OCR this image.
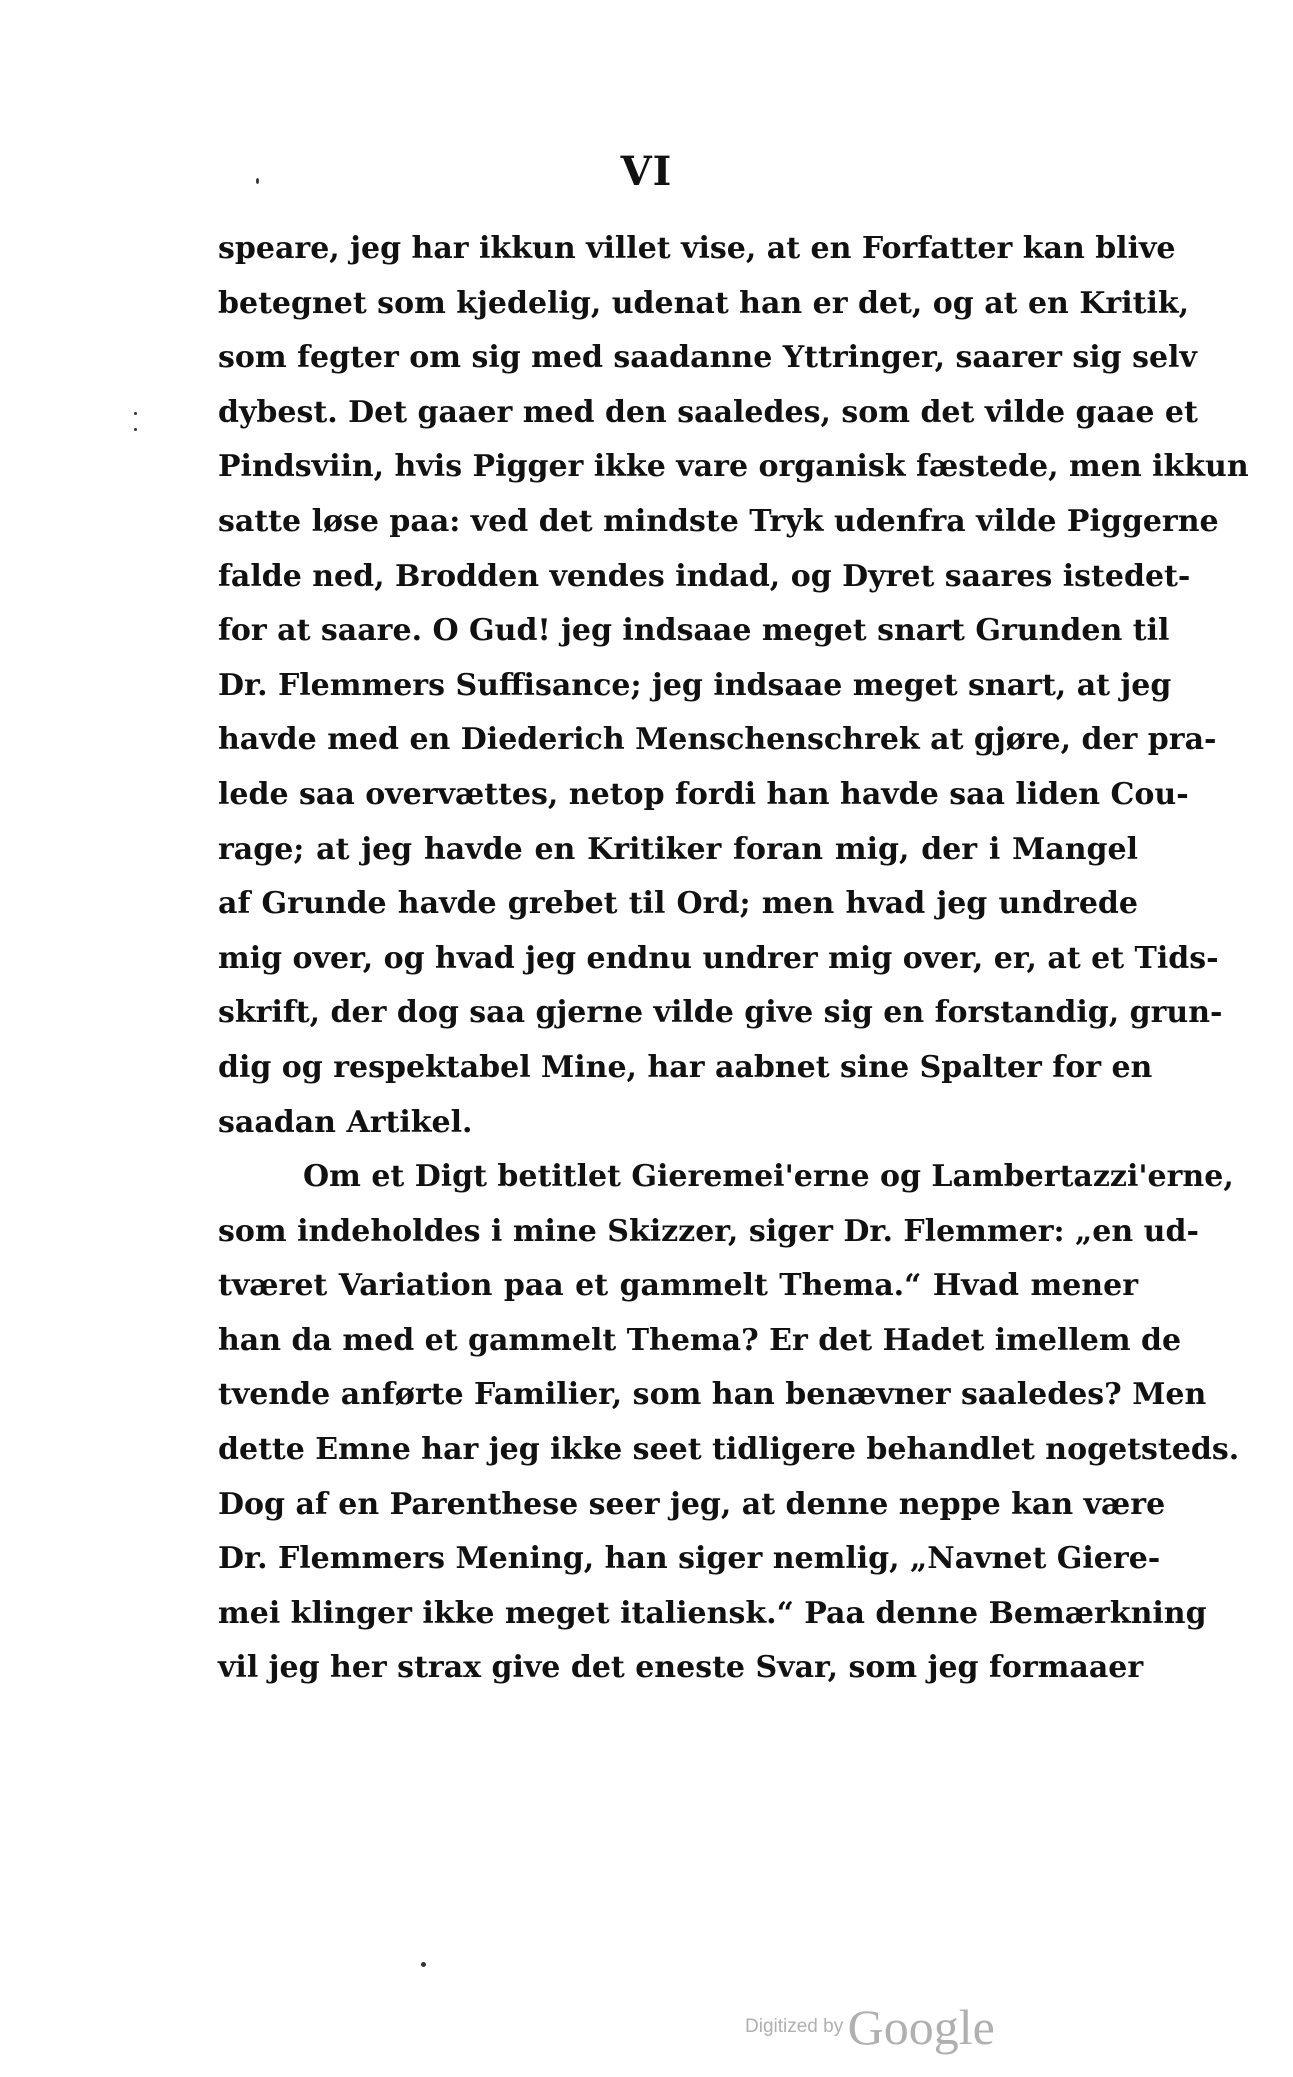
VI
speare, jeg har ikkun villet vise, at en Forfatter kan blive
betegnet som kjedelig, udenat han er det, og at en Kritik,
som fegter om sig med saadanne Yttringer, saarer sig selv
dybest. Det gaaer med den saaledes, som det vilde gaae et
Pindsviin, hvis Pigger ikke vare organisk fæstede, men ikkun
satte løse paa: ved det mindste Tryk udenfra vilde Piggerne
falde ned, Brodden vendes indad, og Dyret saares istedet-
for at saare. O Gud! jeg indsaae meget snart Grunden til
Dr. Flemmers Suffisance; jeg indsaae meget snart, at jeg
havde med en Diederich Menschenschrek at gjøre, der pra-
lede saa overvættes, netop fordi han havde saa liden Cou-
rage; at jeg havde en Kritiker foran mig, der i Mangel
af Grunde havde grebet til Ord; men hvad jeg undrede
mig over, og hvad jeg endnu undrer mig over, er, at et Tids-
skrift, der dog saa gjerne vilde give sig en forstandig, grun-
dig og respektabel Mine, har aabnet sine Spalter for en
saadan Artikel.
Om et Digt betitlet Gieremei'erne og Lambertazzi'erne,
som indeholdes i mine Skizzer, siger Dr. Flemmer: „en ud-
tværet Variation paa et gammelt Thema.“ Hvad mener
han da med et gammelt Thema? Er det Hadet imellem de
tvende anførte Familier, som han benævner saaledes? Men
dette Emne har jeg ikke seet tidligere behandlet nogetsteds.
Dog af en Parenthese seer jeg, at denne neppe kan være
Dr. Flemmers Mening, han siger nemlig, „Navnet Giere-
mei klinger ikke meget italiensk.“ Paa denne Bemærkning
vil jeg her strax give det eneste Svar, som jeg formaaer
Digitized by Google
